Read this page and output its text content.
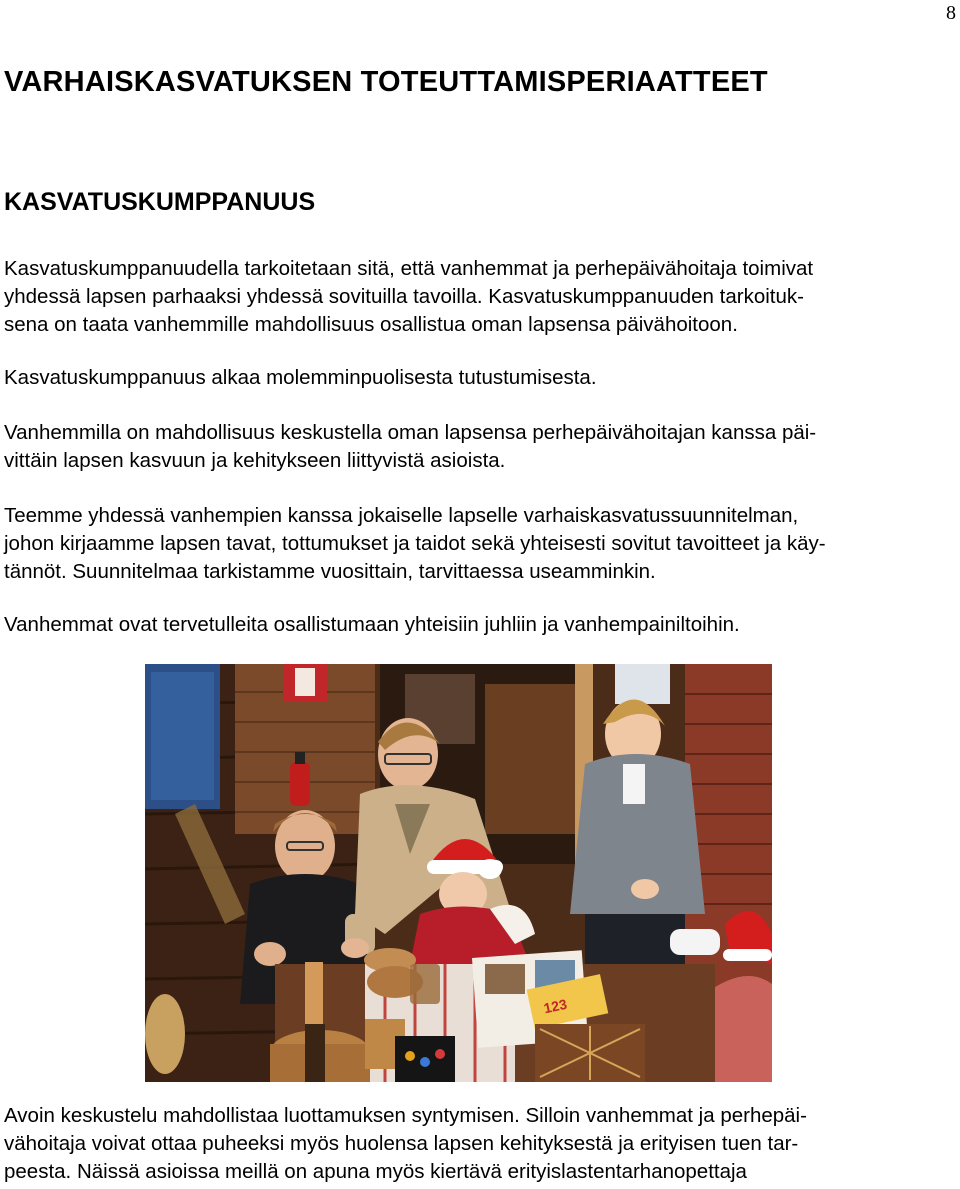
8
VARHAISKASVATUKSEN TOTEUTTAMISPERIAATTEET
KASVATUSKUMPPANUUS

Kasvatuskumppanuudella tarkoitetaan sitä, että vanhemmat ja perhepäivähoitaja toimivat
yhdessä lapsen parhaaksi yhdessä sovituilla tavoilla. Kasvatuskumppanuuden tarkoituk-
sena on taata vanhemmille mahdollisuus osallistua oman lapsensa päivähoitoon.

Kasvatuskumppanuus alkaa molemminpuolisesta tutustumisesta.

Vanhemmilla on mahdollisuus keskustella oman lapsensa perhepäivähoitajan kanssa päi-
vittäin lapsen kasvuun ja kehitykseen liittyvistä asioista.

Teemme yhdessä vanhempien kanssa jokaiselle lapselle varhaiskasvatussuunnitelman,
johon kirjaamme lapsen tavat, tottumukset ja taidot sekä yhteisesti sovitut tavoitteet ja käy-
tännöt. Suunnitelmaa tarkistamme vuosittain, tarvittaessa useamminkin.

Vanhemmat ovat tervetulleita osallistumaan yhteisiin juhliin ja vanhempainiltoihin.

123

Avoin keskustelu mahdollistaa luottamuksen syntymisen. Silloin vanhemmat ja perhepäi-
vähoitaja voivat ottaa puheeksi myös huolensa lapsen kehityksestä ja erityisen tuen tar-
peesta. Näissä asioissa meillä on apuna myös kiertävä erityislastentarhanopettaja
